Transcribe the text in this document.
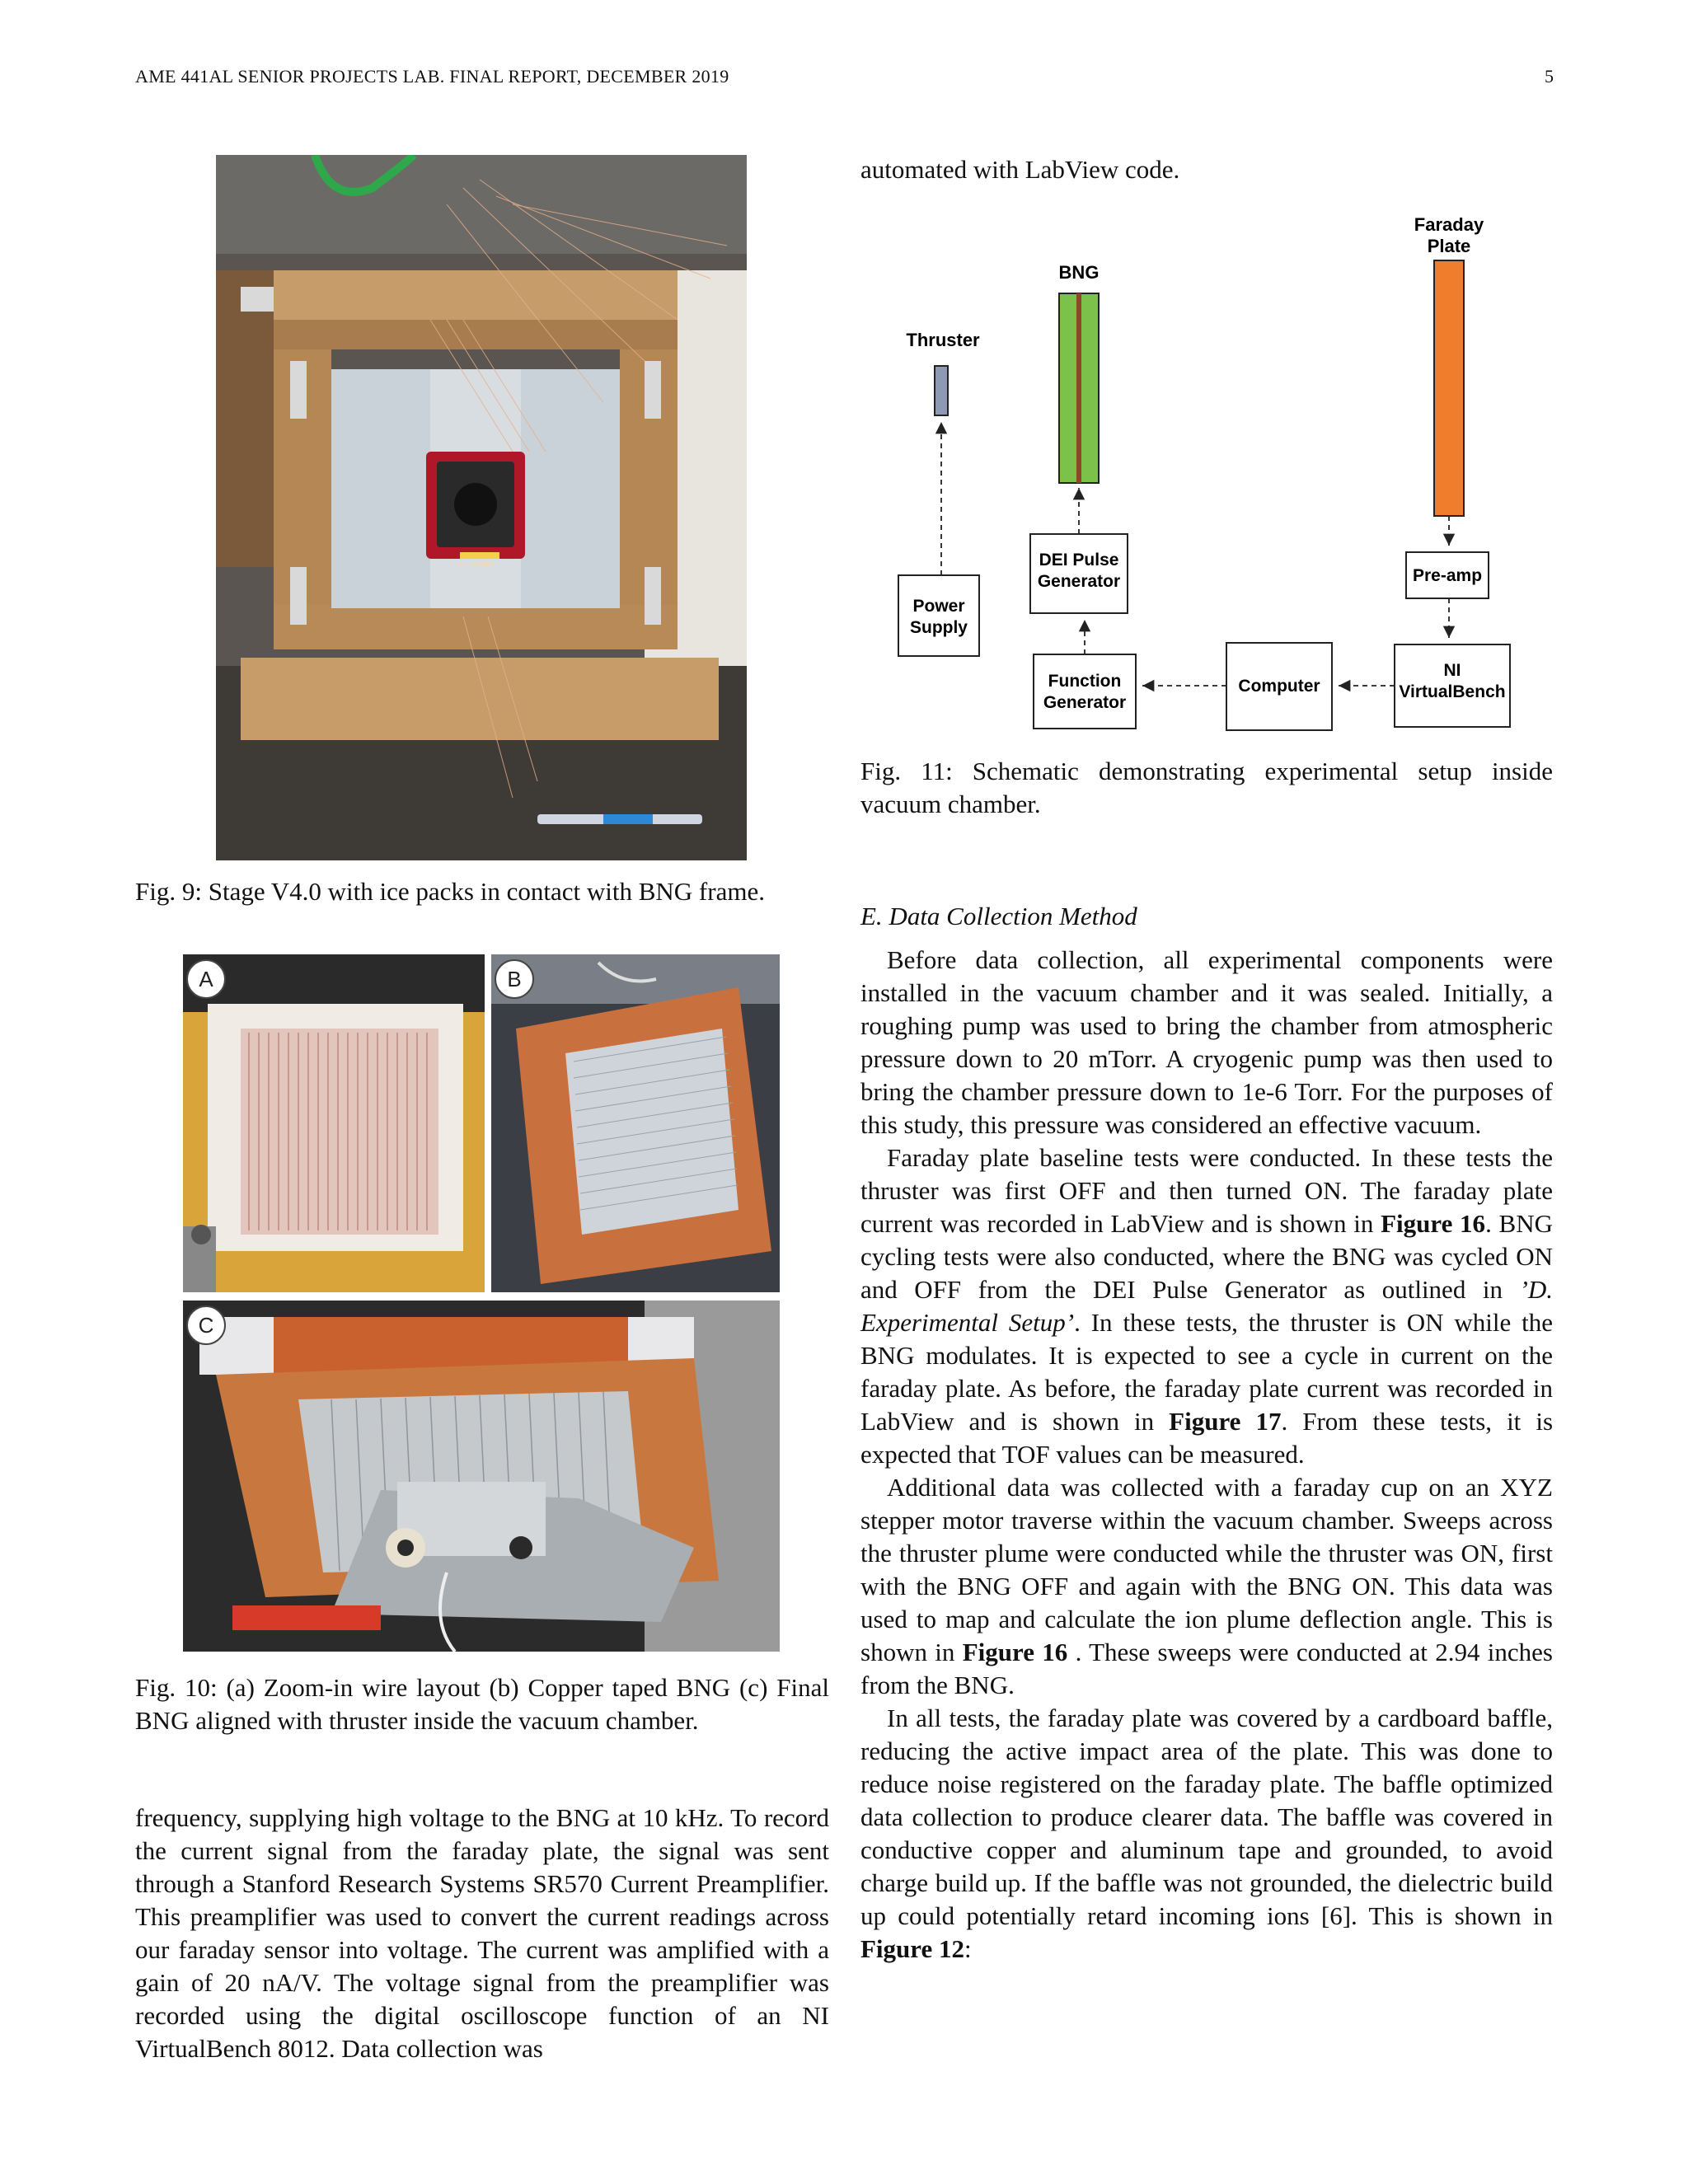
AME 441AL SENIOR PROJECTS LAB. FINAL REPORT, DECEMBER 2019	5
KENMORE
Fig. 9: Stage V4.0 with ice packs in contact with BNG frame.
A	B
C
Fig. 10: (a) Zoom-in wire layout (b) Copper taped BNG (c) Final BNG aligned with thruster inside the vacuum chamber.
frequency, supplying high voltage to the BNG at 10 kHz. To record the current signal from the faraday plate, the signal was sent through a Stanford Research Systems SR570 Current Preamplifier. This preamplifier was used to convert the current readings across our faraday sensor into voltage. The current was amplified with a gain of 20 nA/V. The voltage signal from the preamplifier was recorded using the digital oscilloscope function of an NI VirtualBench 8012. Data collection was
automated with LabView code.
Faraday
Plate
BNG
Thruster
DEI Pulse
Generator
Power
Supply
Pre-amp
Function
Generator
Computer
NI
VirtualBench
Fig. 11: Schematic demonstrating experimental setup inside vacuum chamber.
E. Data Collection Method

Before data collection, all experimental components were installed in the vacuum chamber and it was sealed. Initially, a roughing pump was used to bring the chamber from atmospheric pressure down to 20 mTorr. A cryogenic pump was then used to bring the chamber pressure down to 1e-6 Torr. For the purposes of this study, this pressure was considered an effective vacuum.

Faraday plate baseline tests were conducted. In these tests the thruster was first OFF and then turned ON. The faraday plate current was recorded in LabView and is shown in Figure 16. BNG cycling tests were also conducted, where the BNG was cycled ON and OFF from the DEI Pulse Generator as outlined in ’D. Experimental Setup’. In these tests, the thruster is ON while the BNG modulates. It is expected to see a cycle in current on the faraday plate. As before, the faraday plate current was recorded in LabView and is shown in Figure 17. From these tests, it is expected that TOF values can be measured.

Additional data was collected with a faraday cup on an XYZ stepper motor traverse within the vacuum chamber. Sweeps across the thruster plume were conducted while the thruster was ON, first with the BNG OFF and again with the BNG ON. This data was used to map and calculate the ion plume deflection angle. This is shown in Figure 16 . These sweeps were conducted at 2.94 inches from the BNG.

In all tests, the faraday plate was covered by a cardboard baffle, reducing the active impact area of the plate. This was done to reduce noise registered on the faraday plate. The baffle optimized data collection to produce clearer data. The baffle was covered in conductive copper and aluminum tape and grounded, to avoid charge build up. If the baffle was not grounded, the dielectric build up could potentially retard incoming ions [6]. This is shown in Figure 12:
